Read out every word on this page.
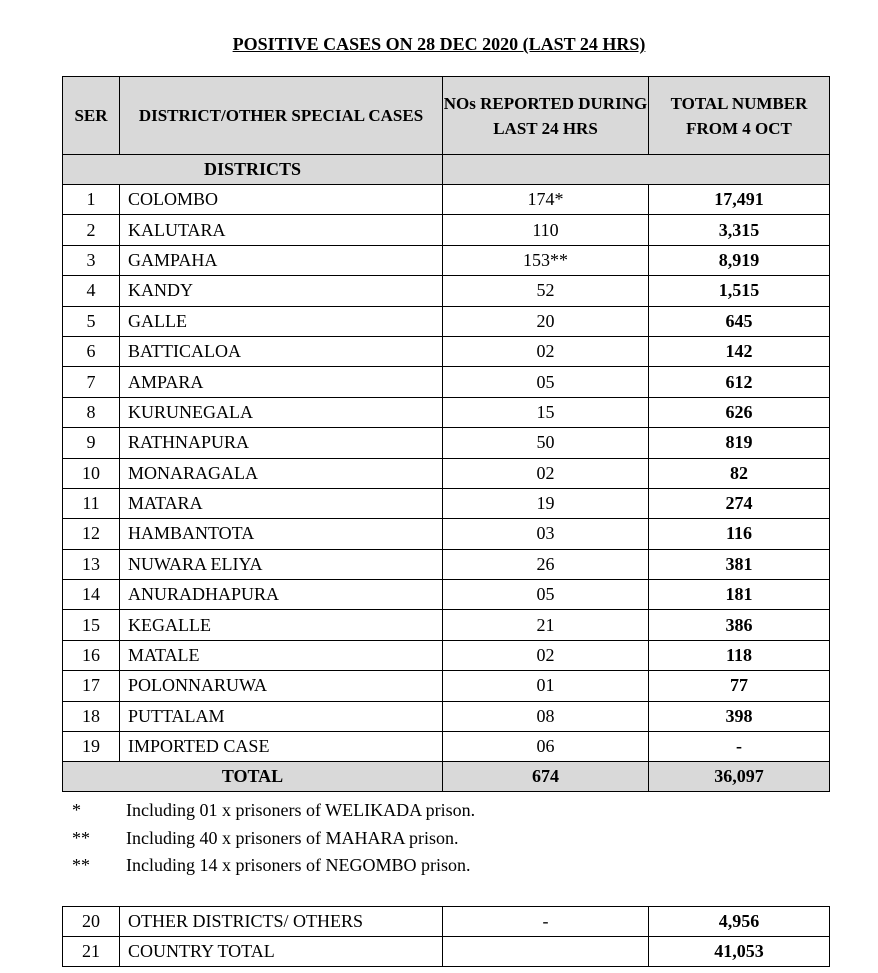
POSITIVE CASES ON 28 DEC 2020 (LAST 24 HRS)
SER	DISTRICT/OTHER SPECIAL CASES	NOs REPORTED DURING LAST 24 HRS	TOTAL NUMBER FROM 4 OCT
DISTRICTS			
1	COLOMBO	174*	17,491
2	KALUTARA	110	3,315
3	GAMPAHA	153**	8,919
4	KANDY	52	1,515
5	GALLE	20	645
6	BATTICALOA	02	142
7	AMPARA	05	612
8	KURUNEGALA	15	626
9	RATHNAPURA	50	819
10	MONARAGALA	02	82
11	MATARA	19	274
12	HAMBANTOTA	03	116
13	NUWARA ELIYA	26	381
14	ANURADHAPURA	05	181
15	KEGALLE	21	386
16	MATALE	02	118
17	POLONNARUWA	01	77
18	PUTTALAM	08	398
19	IMPORTED CASE	06	-
TOTAL		674	36,097
*	Including 01 x prisoners of WELIKADA prison.
** Including 40 x prisoners of MAHARA prison.
** Including 14 x prisoners of NEGOMBO prison.
20	OTHER DISTRICTS/ OTHERS	-	4,956
21	COUNTRY TOTAL		41,053
